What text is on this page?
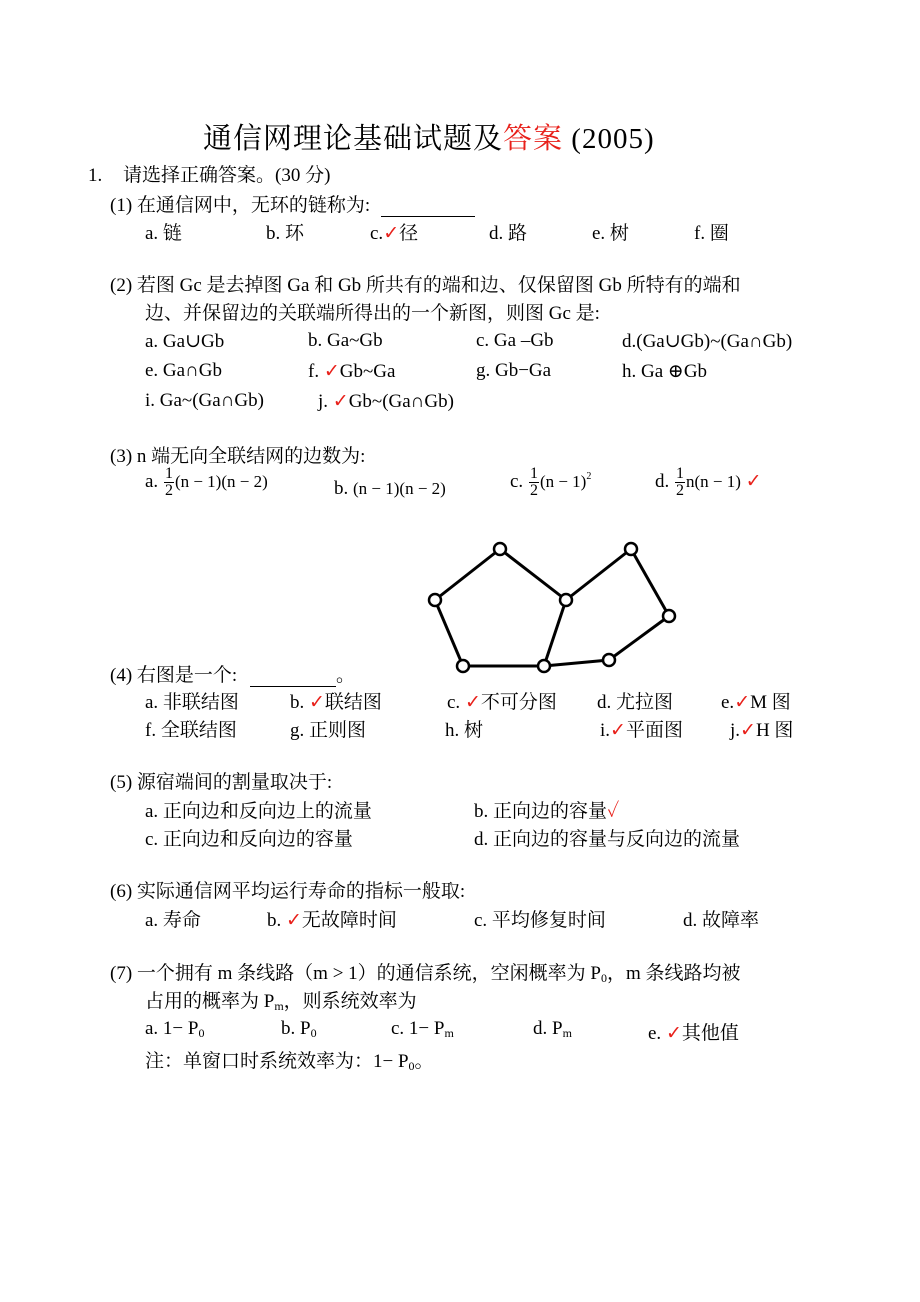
通信网理论基础试题及答案 (2005)
1. 请选择正确答案。(30 分)
(1) 在通信网中，无环的链称为:
a. 链	b. 环	c.✓径	d. 路	e. 树	f. 圈
(2) 若图 Gc 是去掉图 Ga 和 Gb 所共有的端和边、仅保留图 Gb 所特有的端和
边、并保留边的关联端所得出的一个新图，则图 Gc 是:
a. Ga∪Gb	b. Ga~Gb	c. Ga –Gb	d.(Ga∪Gb)~(Ga∩Gb)
e. Ga∩Gb	f. ✓Gb~Ga	g. Gb−Ga	h. Ga ⊕Gb
i. Ga~(Ga∩Gb)	j. ✓Gb~(Ga∩Gb)
(3) n 端无向全联结网的边数为:
a. $\frac{1}{2} (n - 1)(n - 2)$	b. (n − 1)(n − 2)	c. $\frac{1}{2} (n - 1)^2$	d. $\frac{1}{2} n(n - 1)$ ✓
(4) 右图是一个:	。
a. 非联结图	b. ✓联结图	c. ✓不可分图 d. 尤拉图	e.✓M 图
f. 全联结图	g. 正则图	h. 树	i.✓平面图 j.✓H 图
(5) 源宿端间的割量取决于:
a. 正向边和反向边上的流量	b. 正向边的容量✓
c. 正向边和反向边的容量	d. 正向边的容量与反向边的流量
(6) 实际通信网平均运行寿命的指标一般取:
a. 寿命	b. ✓无故障时间	c. 平均修复时间	d. 故障率
(7) 一个拥有 m 条线路（m > 1）的通信系统，空闲概率为 $P_0$，m 条线路均被
占用的概率为 $P_m$，则系统效率为
a. $1- P_0$	b. $P_0$	c. $1- P_m$	d. $P_m$	e. ✓其他值
注：单窗口时系统效率为：$1- P_0$。
